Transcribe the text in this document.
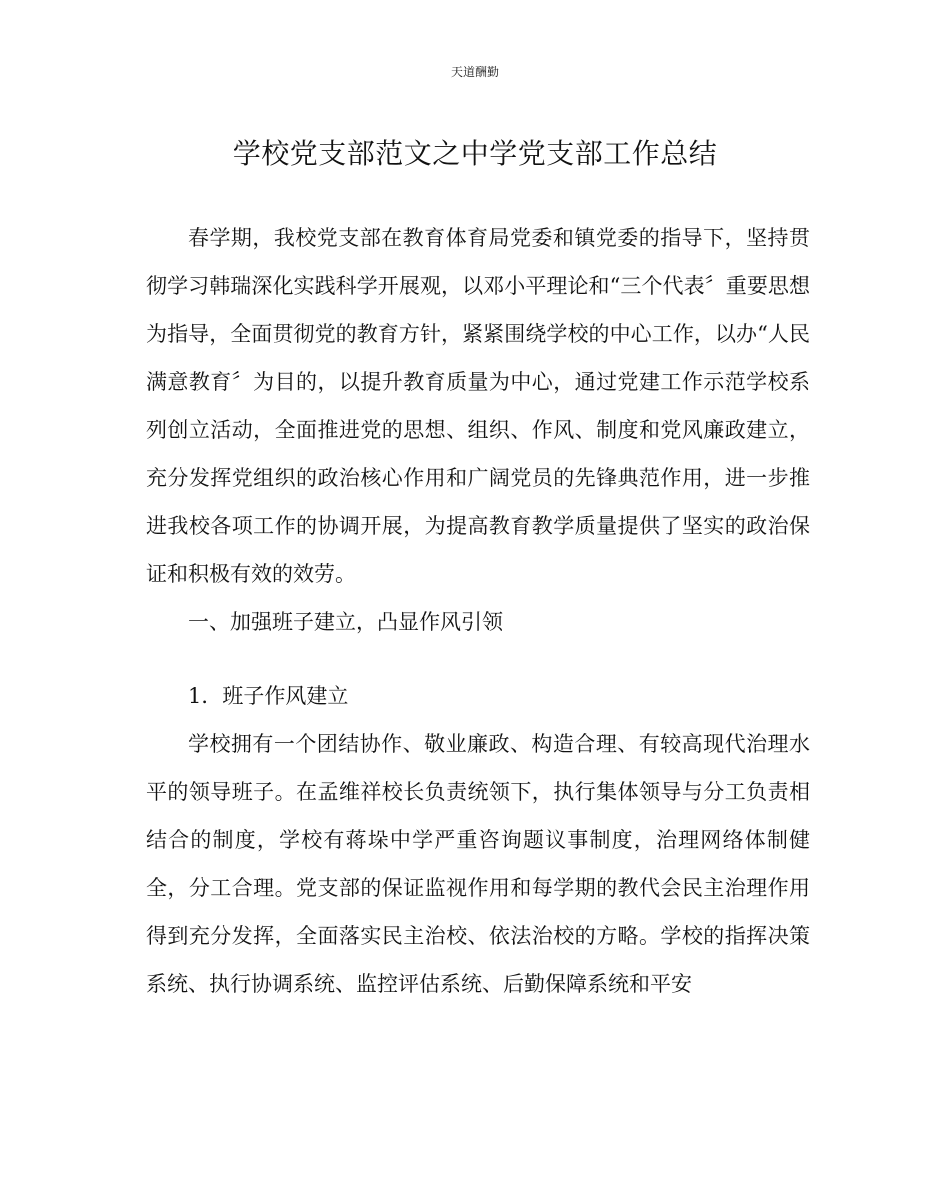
天道酬勤
学校党支部范文之中学党支部工作总结

春学期，我校党支部在教育体育局党委和镇党委的指导下，坚持贯彻学习韩瑞深化实践科学开展观，以邓小平理论和“三个代表〞重要思想为指导，全面贯彻党的教育方针，紧紧围绕学校的中心工作，以办“人民满意教育〞为目的，以提升教育质量为中心，通过党建工作示范学校系列创立活动，全面推进党的思想、组织、作风、制度和党风廉政建立，充分发挥党组织的政治核心作用和广阔党员的先锋典范作用，进一步推进我校各项工作的协调开展，为提高教育教学质量提供了坚实的政治保证和积极有效的效劳。

一、加强班子建立，凸显作风引领

1．班子作风建立

学校拥有一个团结协作、敬业廉政、构造合理、有较高现代治理水平的领导班子。在孟维祥校长负责统领下，执行集体领导与分工负责相结合的制度，学校有蒋垛中学严重咨询题议事制度，治理网络体制健全，分工合理。党支部的保证监视作用和每学期的教代会民主治理作用得到充分发挥，全面落实民主治校、依法治校的方略。学校的指挥决策系统、执行协调系统、监控评估系统、后勤保障系统和平安
